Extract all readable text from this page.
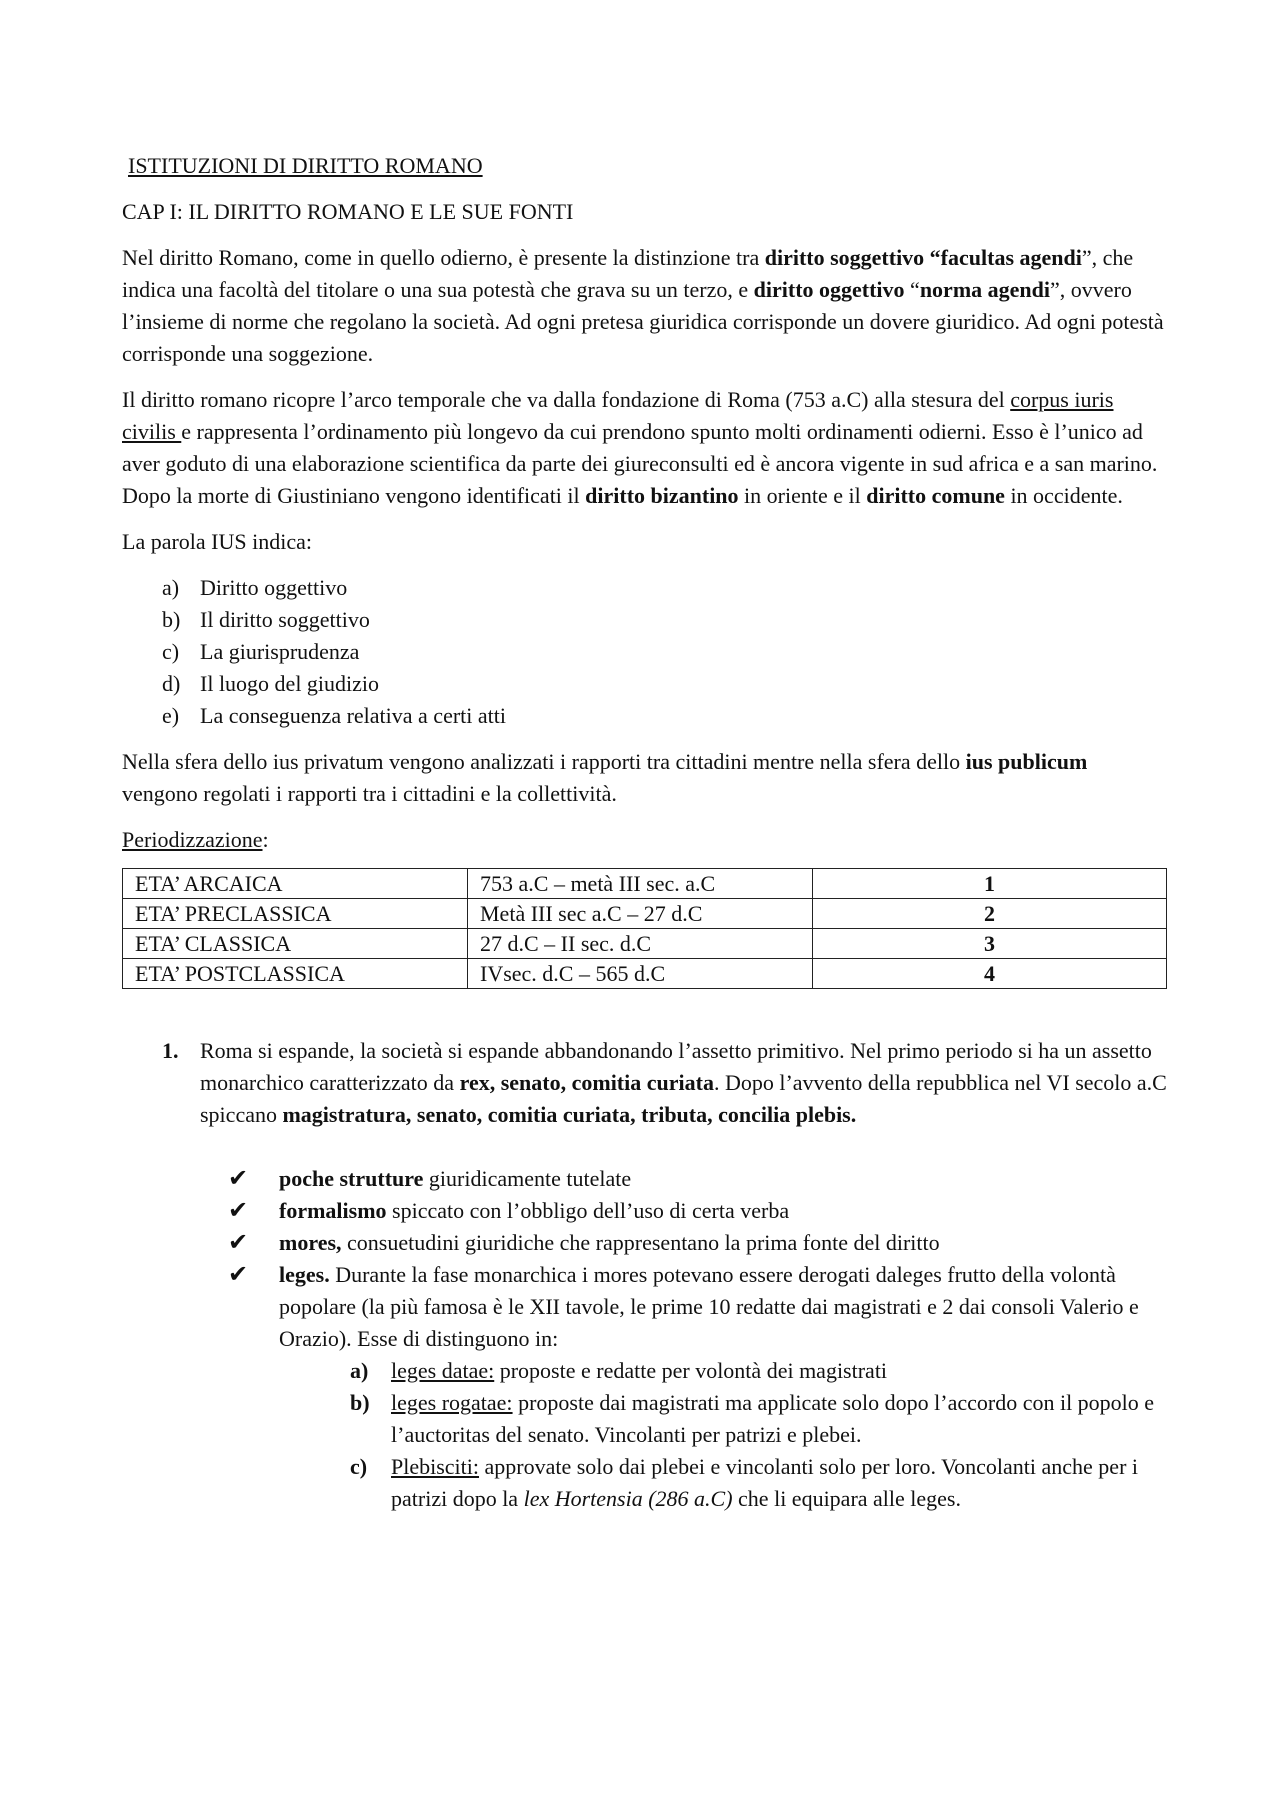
ISTITUZIONI DI DIRITTO ROMANO
CAP I: IL DIRITTO ROMANO E LE SUE FONTI

Nel diritto Romano, come in quello odierno, è presente la distinzione tra diritto soggettivo “facultas agendi”, che indica una facoltà del titolare o una sua potestà che grava su un terzo, e diritto oggettivo “norma agendi”, ovvero l’insieme di norme che regolano la società. Ad ogni pretesa giuridica corrisponde un dovere giuridico. Ad ogni potestà corrisponde una soggezione.

Il diritto romano ricopre l’arco temporale che va dalla fondazione di Roma (753 a.C) alla stesura del corpus iuris civilis e rappresenta l’ordinamento più longevo da cui prendono spunto molti ordinamenti odierni. Esso è l’unico ad aver goduto di una elaborazione scientifica da parte dei giureconsulti ed è ancora vigente in sud africa e a san marino. Dopo la morte di Giustiniano vengono identificati il diritto bizantino in oriente e il diritto comune in occidente.

La parola IUS indica:

a) Diritto oggettivo
b) Il diritto soggettivo
c) La giurisprudenza
d) Il luogo del giudizio
e) La conseguenza relativa a certi atti

Nella sfera dello ius privatum vengono analizzati i rapporti tra cittadini mentre nella sfera dello ius publicum vengono regolati i rapporti tra i cittadini e la collettività.

Periodizzazione:

ETA’ ARCAICA	753 a.C – metà III sec. a.C	1
ETA’ PRECLASSICA	Metà III sec a.C – 27 d.C	2
ETA’ CLASSICA	27 d.C – II sec. d.C	3
ETA’ POSTCLASSICA	IVsec. d.C – 565 d.C	4
1. Roma si espande, la società si espande abbandonando l’assetto primitivo. Nel primo periodo si ha un assetto monarchico caratterizzato da rex, senato, comitia curiata. Dopo l’avvento della repubblica nel VI secolo a.C spiccano magistratura, senato, comitia curiata, tributa, concilia plebis.
✔ poche strutture giuridicamente tutelate
✔ formalismo spiccato con l’obbligo dell’uso di certa verba
✔ mores, consuetudini giuridiche che rappresentano la prima fonte del diritto
✔ leges. Durante la fase monarchica i mores potevano essere derogati daleges frutto della volontà popolare (la più famosa è le XII tavole, le prime 10 redatte dai magistrati e 2 dai consoli Valerio e Orazio). Esse di distinguono in:
a) leges datae: proposte e redatte per volontà dei magistrati
b) leges rogatae: proposte dai magistrati ma applicate solo dopo l’accordo con il popolo e l’auctoritas del senato. Vincolanti per patrizi e plebei.
c) Plebisciti: approvate solo dai plebei e vincolanti solo per loro. Voncolanti anche per i patrizi dopo la lex Hortensia (286 a.C) che li equipara alle leges.
